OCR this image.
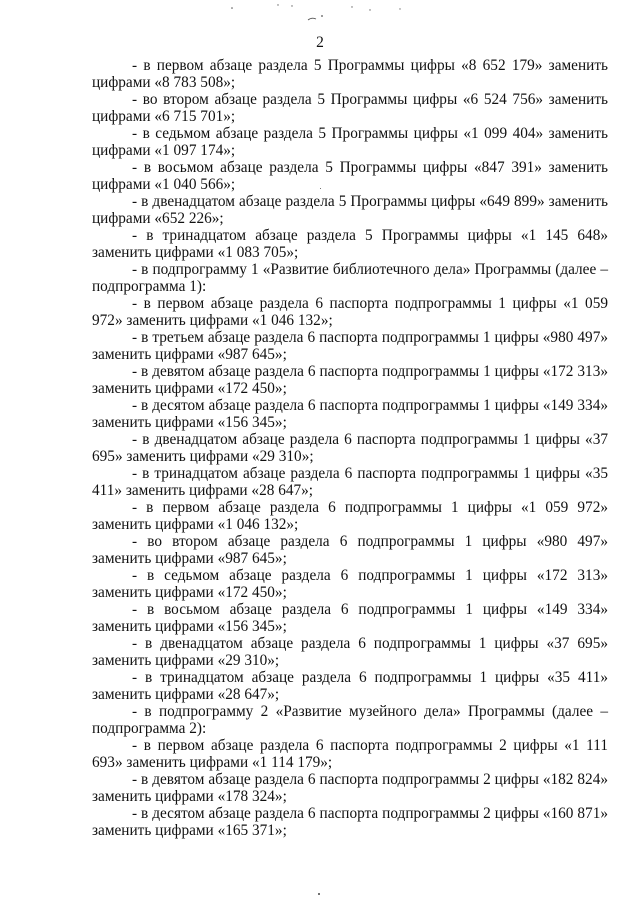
2

- в первом абзаце раздела 5 Программы цифры «8 652 179» заменить цифрами «8 783 508»;

- во втором абзаце раздела 5 Программы цифры «6 524 756» заменить цифрами «6 715 701»;

- в седьмом абзаце раздела 5 Программы цифры «1 099 404» заменить цифрами «1 097 174»;

- в восьмом абзаце раздела 5 Программы цифры «847 391» заменить цифрами «1 040 566»;

- в двенадцатом абзаце раздела 5 Программы цифры «649 899» заменить цифрами «652 226»;

- в тринадцатом абзаце раздела 5 Программы цифры «1 145 648» заменить цифрами «1 083 705»;

- в подпрограмму 1 «Развитие библиотечного дела» Программы (далее – подпрограмма 1):

- в первом абзаце раздела 6 паспорта подпрограммы 1 цифры «1 059 972» заменить цифрами «1 046 132»;

- в третьем абзаце раздела 6 паспорта подпрограммы 1 цифры «980 497» заменить цифрами «987 645»;

- в девятом абзаце раздела 6 паспорта подпрограммы 1 цифры «172 313» заменить цифрами «172 450»;

- в десятом абзаце раздела 6 паспорта подпрограммы 1 цифры «149 334» заменить цифрами «156 345»;

- в двенадцатом абзаце раздела 6 паспорта подпрограммы 1 цифры «37 695» заменить цифрами «29 310»;

- в тринадцатом абзаце раздела 6 паспорта подпрограммы 1 цифры «35 411» заменить цифрами «28 647»;

- в первом абзаце раздела 6 подпрограммы 1 цифры «1 059 972» заменить цифрами «1 046 132»;

- во втором абзаце раздела 6 подпрограммы 1 цифры «980 497» заменить цифрами «987 645»;

- в седьмом абзаце раздела 6 подпрограммы 1 цифры «172 313» заменить цифрами «172 450»;

- в восьмом абзаце раздела 6 подпрограммы 1 цифры «149 334» заменить цифрами «156 345»;

- в двенадцатом абзаце раздела 6 подпрограммы 1 цифры «37 695» заменить цифрами «29 310»;

- в тринадцатом абзаце раздела 6 подпрограммы 1 цифры «35 411» заменить цифрами «28 647»;

- в подпрограмму 2 «Развитие музейного дела» Программы (далее – подпрограмма 2):

- в первом абзаце раздела 6 паспорта подпрограммы 2 цифры «1 111 693» заменить цифрами «1 114 179»;

- в девятом абзаце раздела 6 паспорта подпрограммы 2 цифры «182 824» заменить цифрами «178 324»;

- в десятом абзаце раздела 6 паспорта подпрограммы 2 цифры «160 871» заменить цифрами «165 371»;
